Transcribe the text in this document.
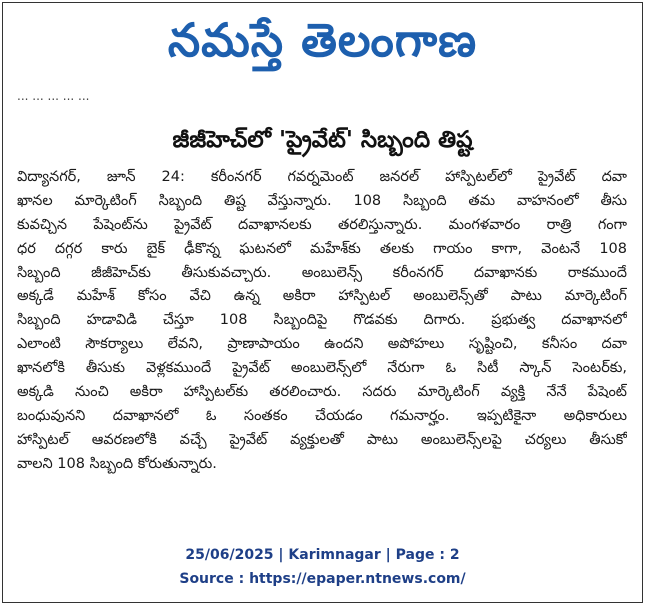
నమస్తే తెలంగాణ
... ... ... ... ...
జీజీహెచ్‌లో 'ప్రైవేట్' సిబ్బంది తిష్ట
విద్యానగర్, జూన్ 24: కరీంనగర్ గవర్నమెంట్ జనరల్ హాస్పిటల్‌లో ప్రైవేట్ దవా
ఖానల మార్కెటింగ్ సిబ్బంది తిష్ట వేస్తున్నారు. 108 సిబ్బంది తమ వాహనంలో తీసు
కువచ్చిన పేషెంట్‌ను ప్రైవేట్ దవాఖానలకు తరలిస్తున్నారు. మంగళవారం రాత్రి గంగా
ధర దగ్గర కారు బైక్ ఢీకొన్న ఘటనలో మహేశ్‌కు తలకు గాయం కాగా, వెంటనే 108
సిబ్బంది జీజీహెచ్‌కు తీసుకువచ్చారు. అంబులెన్స్ కరీంనగర్ దవాఖానకు రాకముందే
అక్కడే మహేశ్ కోసం వేచి ఉన్న అకిరా హాస్పిటల్ అంబులెన్స్‌తో పాటు మార్కెటింగ్
సిబ్బంది హడావిడి చేస్తూ 108 సిబ్బందిపై గొడవకు దిగారు. ప్రభుత్వ దవాఖానలో
ఎలాంటి సౌకర్యాలు లేవని, ప్రాణాపాయం ఉందని అపోహలు సృష్టించి, కనీసం దవా
ఖానలోకి తీసుకు వెళ్లకముందే ప్రైవేట్ అంబులెన్స్‌లో నేరుగా ఓ సిటీ స్కాన్ సెంటర్‌కు,
అక్కడి నుంచి అకిరా హాస్పిటల్‌కు తరలించారు. సదరు మార్కెటింగ్ వ్యక్తి నేనే పేషెంట్
బంధువునని దవాఖానలో ఓ సంతకం చేయడం గమనార్హం. ఇప్పటికైనా అధికారులు
హాస్పిటల్ ఆవరణలోకి వచ్చే ప్రైవేట్ వ్యక్తులతో పాటు అంబులెన్స్‌లపై చర్యలు తీసుకో
వాలని 108 సిబ్బంది కోరుతున్నారు.
25/06/2025 | Karimnagar | Page : 2
Source : https://epaper.ntnews.com/
